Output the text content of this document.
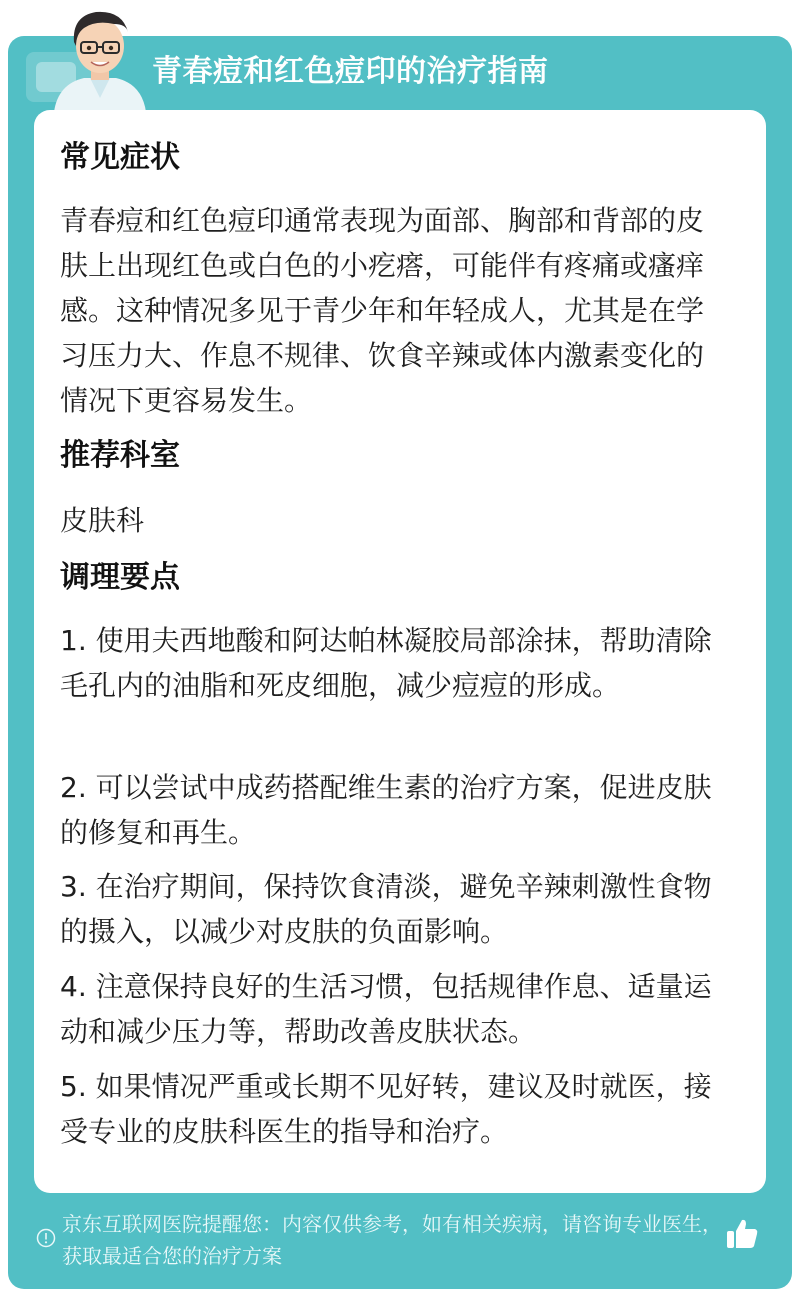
青春痘和红色痘印的治疗指南
常见症状
青春痘和红色痘印通常表现为面部、胸部和背部的皮肤上出现红色或白色的小疙瘩，可能伴有疼痛或瘙痒感。这种情况多见于青少年和年轻成人，尤其是在学习压力大、作息不规律、饮食辛辣或体内激素变化的情况下更容易发生。
推荐科室
皮肤科
调理要点
1. 使用夫西地酸和阿达帕林凝胶局部涂抹，帮助清除毛孔内的油脂和死皮细胞，减少痘痘的形成。
2. 可以尝试中成药搭配维生素的治疗方案，促进皮肤的修复和再生。
3. 在治疗期间，保持饮食清淡，避免辛辣刺激性食物的摄入，以减少对皮肤的负面影响。
4. 注意保持良好的生活习惯，包括规律作息、适量运动和减少压力等，帮助改善皮肤状态。
5. 如果情况严重或长期不见好转，建议及时就医，接受专业的皮肤科医生的指导和治疗。
京东互联网医院提醒您：内容仅供参考，如有相关疾病，请咨询专业医生，获取最适合您的治疗方案
